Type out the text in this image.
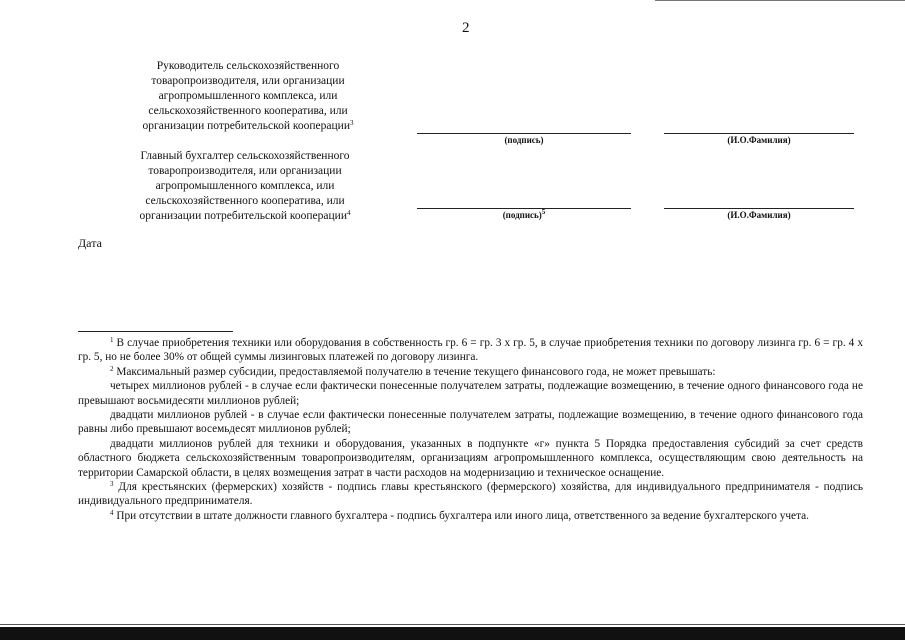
2
Руководитель сельскохозяйственного
товаропроизводителя, или организации
агропромышленного комплекса, или
сельскохозяйственного кооператива, или
организации потребительской кооперации$^3$
(подпись)	(И.О.Фамилия)
Главный бухгалтер сельскохозяйственного
товаропроизводителя, или организации
агропромышленного комплекса, или
сельскохозяйственного кооператива, или
организации потребительской кооперации$^4$	(подпись)$^5$	(И.О.Фамилия)
Дата

$^1$ В случае приобретения техники или оборудования в собственность гр. 6 = гр. 3 х гр. 5, в случае приобретения техники по договору лизинга гр. 6 = гр. 4 х гр. 5, но не более 30% от общей суммы лизинговых платежей по договору лизинга.

$^2$ Максимальный размер субсидии, предоставляемой получателю в течение текущего финансового года, не может превышать:

четырех миллионов рублей - в случае если фактически понесенные получателем затраты, подлежащие возмещению, в течение одного финансового года не превышают восьмидесяти миллионов рублей;

двадцати миллионов рублей - в случае если фактически понесенные получателем затраты, подлежащие возмещению, в течение одного финансового года равны либо превышают восемьдесят миллионов рублей;

двадцати миллионов рублей для техники и оборудования, указанных в подпункте «г» пункта 5 Порядка предоставления субсидий за счет средств областного бюджета сельскохозяйственным товаропроизводителям, организациям агропромышленного комплекса, осуществляющим свою деятельность на территории Самарской области, в целях возмещения затрат в части расходов на модернизацию и техническое оснащение.

$^3$ Для крестьянских (фермерских) хозяйств - подпись главы крестьянского (фермерского) хозяйства, для индивидуального предпринимателя - подпись индивидуального предпринимателя.

$^4$ При отсутствии в штате должности главного бухгалтера - подпись бухгалтера или иного лица, ответственного за ведение бухгалтерского учета.
